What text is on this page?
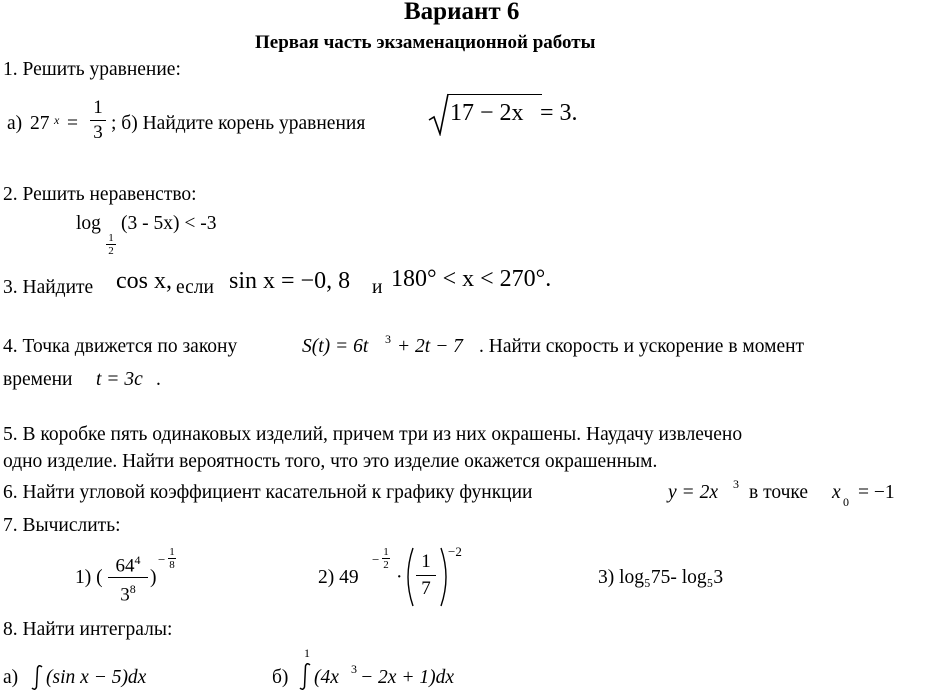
Вариант 6
Первая часть экзаменационной работы
1. Решить уравнение:
а) 27 x =
1
3 ; б) Найдите корень уравнения	17 − 2x = 3.
2. Решить неравенство:
log
1
2
(3 - 5x) < -3
3. Найдите cos x, если sin x = −0, 8 и 180° < x < 270°.
4. Точка движется по закону	S(t) = 6t 3 + 2t − 7 . Найти скорость и ускорение в момент
времени t = 3c .
5. В коробке пять одинаковых изделий, причем три из них окрашены. Наудачу извлечено
одно изделие. Найти вероятность того, что это изделие окажется окрашенным.
6. Найти угловой коэффициент касательной к графику функции	y = 2x 3 в точке x 0 = −1
7. Вычислить:
1) (
$64^4$
$3^8$
)
− 1
8
2) 49
− 1
2
·
1
7
−2
3) log₅75- log₅3
8. Найти интегралы:
а) (sin x − 5)dx	б)
1
(4x 3 − 2x + 1)dx
